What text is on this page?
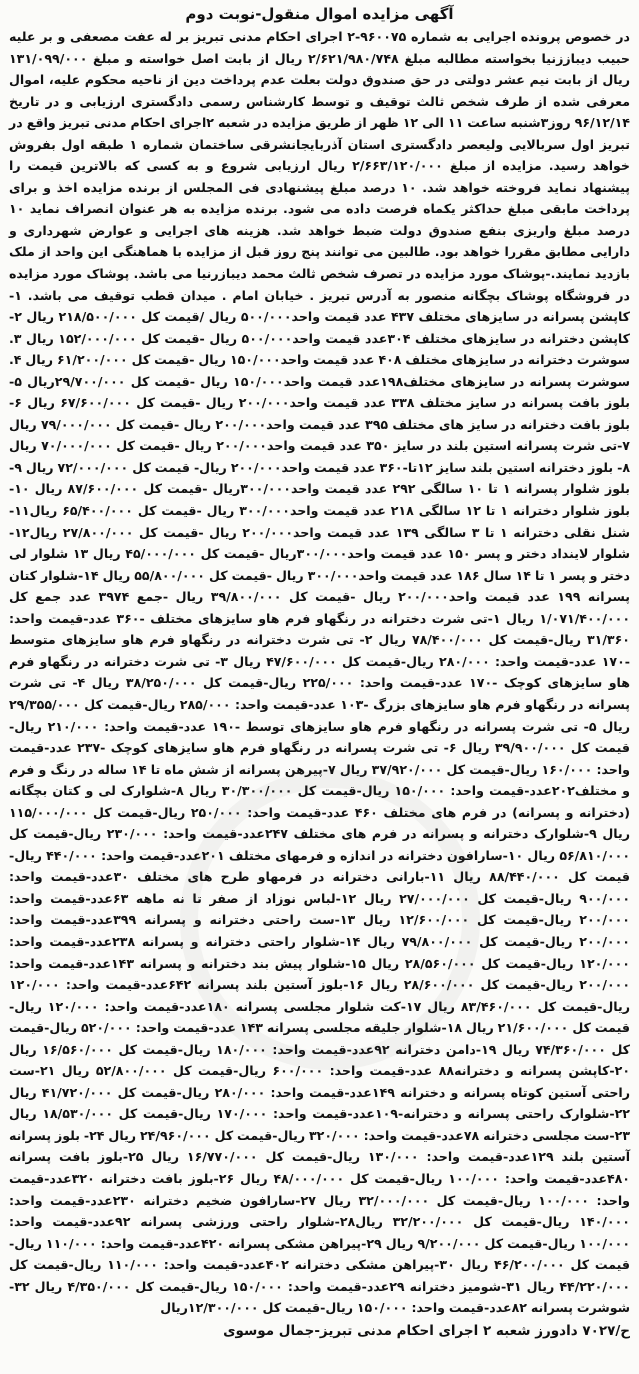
آگهی مزایده اموال منقول-نوبت دوم

در خصوص پرونده اجرایی به شماره ۹۶۰۰۷۵-۲ اجرای احکام مدنی تبریز بر له عفت مصعفی و بر علیه حبیب دیباززنیا بخواسته مطالبه مبلغ ۲/۶۲۱/۹۸۰/۷۴۸ ریال از بابت اصل خواسته و مبلغ ۱۳۱/۰۹۹/۰۰۰ ریال از بابت نیم عشر دولتی در حق صندوق دولت بعلت عدم پرداخت دین از ناحیه محکوم علیه، اموال معرفی شده از طرف شخص ثالث توقیف و توسط کارشناس رسمی دادگستری ارزیابی و در تاریخ ۹۶/۱۲/۱۴ روز۳شنبه ساعت ۱۱ الی ۱۲ ظهر از طریق مزایده در شعبه ۲اجرای احکام مدنی تبریز واقع در تبریز اول سربالایی ولیعصر دادگستری استان آذربایجانشرقی ساختمان شماره ۱ طبقه اول بفروش خواهد رسید. مزایده از مبلغ ۲/۶۶۳/۱۲۰/۰۰۰ ریال ارزیابی شروع و به کسی که بالاترین قیمت را پیشنهاد نماید فروخته خواهد شد. ۱۰ درصد مبلغ پیشنهادی فی المجلس از برنده مزایده اخذ و برای پرداخت مابقی مبلغ حداکثر یکماه فرصت داده می شود. برنده مزایده به هر عنوان انصراف نماید ۱۰ درصد مبلغ واریزی بنفع صندوق دولت ضبط خواهد شد. هزینه های اجرایی و عوارض شهرداری و دارایی مطابق مقررا خواهد بود. طالبین می توانند پنج روز قبل از مزایده با هماهنگی این واحد از ملک بازدید نمایند.-پوشاک مورد مزایده در تصرف شخص ثالث محمد دیبازرنیا می باشد. پوشاک مورد مزایده در فروشگاه پوشاک بچگانه منصور به آدرس تبریز . خیابان امام . میدان قطب توقیف می باشد. ۱-کاپشن پسرانه در سایزهای مختلف ۴۳۷ عدد قیمت واحد۵۰۰/۰۰۰ ریال /قیمت کل ۲۱۸/۵۰۰/۰۰۰ ریال ۲-کاپشن دخترانه در سایزهای مختلف ۳۰۴عدد قیمت واحد۵۰۰/۰۰۰ ریال -قیمت کل ۱۵۲/۰۰۰/۰۰۰ ریال ۳. سوشرت دخترانه در سایزهای مختلف ۴۰۸ عدد قیمت واحد۱۵۰/۰۰۰ ریال -قیمت کل ۶۱/۲۰۰/۰۰۰ ریال ۴. سوشرت پسرانه در سایزهای مختلف۱۹۸عدد قیمت واحد۱۵۰/۰۰۰ ریال -قیمت کل ۲۹/۷۰۰/۰۰۰ریال ۵- بلوز بافت پسرانه در سایز مختلف ۳۳۸ عدد قیمت واحد۲۰۰/۰۰۰ ریال -قیمت کل ۶۷/۶۰۰/۰۰۰ ریال ۶- بلوز بافت دخترانه در سایز های مختلف ۳۹۵ عدد قیمت واحد۲۰۰/۰۰۰ ریال -قیمت کل ۷۹/۰۰۰/۰۰۰ ریال ۷-تی شرت پسرانه استین بلند در سایز ۳۵۰ عدد قیمت واحد۲۰۰/۰۰۰ ریال -قیمت کل ۷۰/۰۰۰/۰۰۰ ریال ۸- بلوز دخترانه استین بلند سایز ۱۲تا-۳۶۰ عدد قیمت واحد۲۰۰/۰۰۰ ریال- قیمت کل ۷۲/۰۰۰/۰۰۰ ریال ۹- بلوز شلوار پسرانه ۱ تا ۱۰ سالگی ۲۹۲ عدد قیمت واحد۳۰۰/۰۰۰ریال -قیمت کل ۸۷/۶۰۰/۰۰۰ ریال ۱۰- بلوز شلوار دخترانه ۱ تا ۱۲ سالگی ۲۱۸ عدد قیمت واحد۳۰۰/۰۰۰ ریال -قیمت کل ۶۵/۴۰۰/۰۰۰ ریال۱۱- شنل نقلی دخترانه ۱ تا ۳ سالگی ۱۳۹ عدد قیمت واحد۲۰۰/۰۰۰ ریال -قیمت کل ۲۷/۸۰۰/۰۰۰ ریال۱۲-شلوار لاینداد دختر و پسر ۱۵۰ عدد قیمت واحد۳۰۰/۰۰۰ریال -قیمت کل ۴۵/۰۰۰/۰۰۰ ریال ۱۳ شلوار لی دختر و پسر ۱ تا ۱۴ سال ۱۸۶ عدد قیمت واحد۳۰۰/۰۰۰ ریال -قیمت کل ۵۵/۸۰۰/۰۰۰ ریال ۱۴-شلوار کتان پسرانه ۱۹۹ عدد قیمت واحد۲۰۰/۰۰۰ ریال -قیمت کل ۳۹/۸۰۰/۰۰۰ ریال -جمع ۳۹۷۴ عدد جمع کل ۱/۰۷۱/۴۰۰/۰۰۰ ریال ۱-تی شرت دخترانه در رنگهاو فرم هاو سایزهای مختلف -۳۶۰ عدد-قیمت واحد: ۳۱/۳۶۰ ریال-قیمت کل ۷۸/۴۰۰/۰۰۰ ریال ۲- تی شرت دخترانه در رنگهاو فرم هاو سایزهای متوسط -۱۷۰ عدد-قیمت واحد: ۲۸۰/۰۰۰ ریال-قیمت کل ۴۷/۶۰۰/۰۰۰ ریال ۳- تی شرت دخترانه در رنگهاو فرم هاو سایزهای کوچک -۱۷۰ عدد-قیمت واحد: ۲۲۵/۰۰۰ ریال-قیمت کل ۳۸/۲۵۰/۰۰۰ ریال ۴- تی شرت پسرانه در رنگهاو فرم هاو سایزهای بزرگ -۱۰۳ عدد-قیمت واحد: ۲۸۵/۰۰۰ ریال-قیمت کل ۲۹/۳۵۵/۰۰۰ ریال ۵- تی شرت پسرانه در رنگهاو فرم هاو سایزهای توسط -۱۹۰ عدد-قیمت واحد: ۲۱۰/۰۰۰ ریال-قیمت کل ۳۹/۹۰۰/۰۰۰ ریال ۶- تی شرت پسرانه در رنگهاو فرم هاو سایزهای کوچک -۲۳۷ عدد-قیمت واحد: ۱۶۰/۰۰۰ ریال-قیمت کل ۳۷/۹۲۰/۰۰۰ ریال ۷-پیرهن پسرانه از شش ماه تا ۱۴ ساله در رنگ و فرم و مختلف۲۰۲عدد-قیمت واحد: ۱۵۰/۰۰۰ ریال-قیمت کل ۳۰/۳۰۰/۰۰۰ ریال ۸-شلوارک لی و کتان بچگانه (دخترانه و پسرانه) در فرم های مختلف ۴۶۰ عدد-قیمت واحد: ۲۵۰/۰۰۰ ریال-قیمت کل ۱۱۵/۰۰۰/۰۰۰ ریال ۹-شلوارک دخترانه و پسرانه در فرم های مختلف ۲۴۷عدد-قیمت واحد: ۲۳۰/۰۰۰ ریال-قیمت کل ۵۶/۸۱۰/۰۰۰ ریال ۱۰-سارافون دخترانه در اندازه و فرمهای مختلف ۲۰۱عدد-قیمت واحد: ۴۴۰/۰۰۰ ریال-قیمت کل ۸۸/۴۴۰/۰۰۰ ریال ۱۱-بارانی دخترانه در فرمهاو طرح های مختلف ۳۰عدد-قیمت واحد: ۹۰۰/۰۰۰ ریال-قیمت کل ۲۷/۰۰۰/۰۰۰ ریال ۱۲-لباس نوزاد از صفر تا نه ماهه ۶۳عدد-قیمت واحد: ۲۰۰/۰۰۰ ریال-قیمت کل ۱۲/۶۰۰/۰۰۰ ریال ۱۳-ست راحتی دخترانه و پسرانه ۳۹۹عدد-قیمت واحد: ۲۰۰/۰۰۰ ریال-قیمت کل ۷۹/۸۰۰/۰۰۰ ریال ۱۴-شلوار راحتی دخترانه و پسرانه ۲۳۸عدد-قیمت واحد: ۱۲۰/۰۰۰ ریال-قیمت کل ۲۸/۵۶۰/۰۰۰ ریال ۱۵-شلوار پیش بند دخترانه و پسرانه ۱۴۳عدد-قیمت واحد: ۲۰۰/۰۰۰ ریال-قیمت کل ۲۸/۶۰۰/۰۰۰ ریال ۱۶-بلوز آستین بلند پسرانه ۶۴۲عدد-قیمت واحد: ۱۲۰/۰۰۰ ریال-قیمت کل ۸۳/۴۶۰/۰۰۰ ریال ۱۷-کت شلوار مجلسی پسرانه ۱۸۰عدد-قیمت واحد: ۱۲۰/۰۰۰ ریال-قیمت کل ۲۱/۶۰۰/۰۰۰ ریال ۱۸-شلوار جلیقه مجلسی پسرانه ۱۴۳ عدد-قیمت واحد: ۵۲۰/۰۰۰ ریال-قیمت کل ۷۴/۳۶۰/۰۰۰ ریال ۱۹-دامن دخترانه ۹۲عدد-قیمت واحد: ۱۸۰/۰۰۰ ریال-قیمت کل ۱۶/۵۶۰/۰۰۰ ریال ۲۰-کاپشن پسرانه و دخترانه۸۸ عدد-قیمت واحد: ۶۰۰/۰۰۰ ریال-قیمت کل ۵۲/۸۰۰/۰۰۰ ریال ۲۱-ست راحتی آستین کوتاه پسرانه و دخترانه ۱۴۹عدد-قیمت واحد: ۲۸۰/۰۰۰ ریال-قیمت کل ۴۱/۷۲۰/۰۰۰ ریال ۲۲-شلوارک راحتی پسرانه و دخترانه-۱۰۹عدد-قیمت واحد: ۱۷۰/۰۰۰ ریال-قیمت کل ۱۸/۵۳۰/۰۰۰ ریال ۲۳-ست مجلسی دخترانه ۷۸عدد-قیمت واحد: ۳۲۰/۰۰۰ ریال-قیمت کل ۲۴/۹۶۰/۰۰۰ ریال ۲۴- بلوز پسرانه آستین بلند ۱۲۹عدد-قیمت واحد: ۱۳۰/۰۰۰ ریال-قیمت کل ۱۶/۷۷۰/۰۰۰ ریال ۲۵-بلوز بافت پسرانه ۴۸۰عدد-قیمت واحد: ۱۰۰/۰۰۰ ریال-قیمت کل ۴۸/۰۰۰/۰۰۰ ریال ۲۶-بلوز بافت دخترانه ۳۲۰عدد-قیمت واحد: ۱۰۰/۰۰۰ ریال-قیمت کل ۳۲/۰۰۰/۰۰۰ ریال ۲۷-سارافون ضخیم دخترانه ۲۳۰عدد-قیمت واحد: ۱۴۰/۰۰۰ ریال-قیمت کل ۳۲/۲۰۰/۰۰۰ ریال۲۸-شلوار راحتی ورزشی پسرانه ۹۲عدد-قیمت واحد: ۱۰۰/۰۰۰ ریال-قیمت کل ۹/۲۰۰/۰۰۰ ریال ۲۹-پیراهن مشکی پسرانه ۴۲۰عدد-قیمت واحد: ۱۱۰/۰۰۰ ریال-قیمت کل ۴۶/۲۰۰/۰۰۰ ریال ۳۰-پیراهن مشکی دخترانه ۴۰۲عدد-قیمت واحد: ۱۱۰/۰۰۰ ریال-قیمت کل ۴۴/۲۲۰/۰۰۰ ریال ۳۱-شومیز دخترانه ۲۹عدد-قیمت واحد: ۱۵۰/۰۰۰ ریال-قیمت کل ۴/۳۵۰/۰۰۰ ریال ۳۲-شوشرت پسرانه ۸۲عدد-قیمت واحد: ۱۵۰/۰۰۰ ریال-قیمت کل ۱۲/۳۰۰/۰۰۰ریال

ح/۷۰۲۷ دادورز شعبه ۲ اجرای احکام مدنی تبریز-جمال موسوی
